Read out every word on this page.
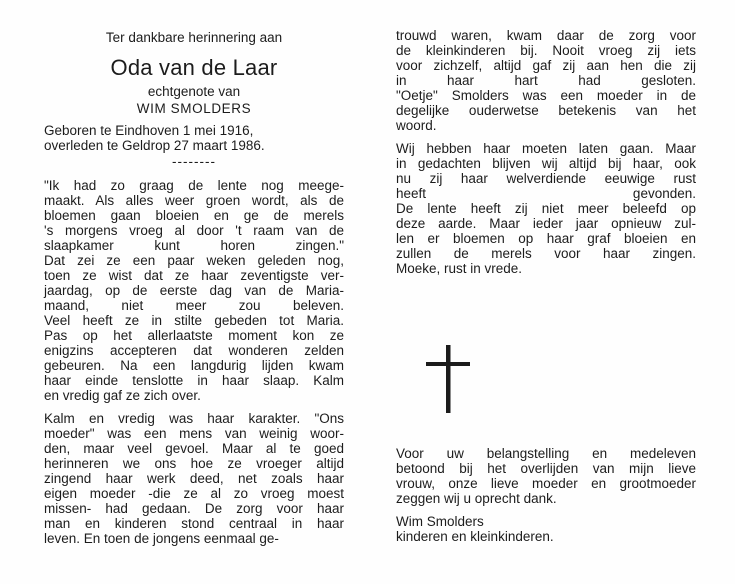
Ter dankbare herinnering aan
Oda van de Laar
echtgenote van
WIM SMOLDERS
Geboren te Eindhoven 1 mei 1916,
overleden te Geldrop 27 maart 1986.
--------
"Ik had zo graag de lente nog meege-
maakt. Als alles weer groen wordt, als de
bloemen gaan bloeien en ge de merels
's morgens vroeg al door 't raam van de
slaapkamer kunt horen zingen."
Dat zei ze een paar weken geleden nog,
toen ze wist dat ze haar zeventigste ver-
jaardag, op de eerste dag van de Maria-
maand, niet meer zou beleven.
Veel heeft ze in stilte gebeden tot Maria.
Pas op het allerlaatste moment kon ze
enigzins accepteren dat wonderen zelden
gebeuren. Na een langdurig lijden kwam
haar einde tenslotte in haar slaap. Kalm
en vredig gaf ze zich over.
Kalm en vredig was haar karakter. "Ons
moeder" was een mens van weinig woor-
den, maar veel gevoel. Maar al te goed
herinneren we ons hoe ze vroeger altijd
zingend haar werk deed, net zoals haar
eigen moeder -die ze al zo vroeg moest
missen- had gedaan. De zorg voor haar
man en kinderen stond centraal in haar
leven. En toen de jongens eenmaal ge-
trouwd waren, kwam daar de zorg voor
de kleinkinderen bij. Nooit vroeg zij iets
voor zichzelf, altijd gaf zij aan hen die zij
in haar hart had gesloten.
"Oetje" Smolders was een moeder in de
degelijke ouderwetse betekenis van het
woord.
Wij hebben haar moeten laten gaan. Maar
in gedachten blijven wij altijd bij haar, ook
nu zij haar welverdiende eeuwige rust
heeft gevonden.
De lente heeft zij niet meer beleefd op
deze aarde. Maar ieder jaar opnieuw zul-
len er bloemen op haar graf bloeien en
zullen de merels voor haar zingen.
Moeke, rust in vrede.
Voor uw belangstelling en medeleven
betoond bij het overlijden van mijn lieve
vrouw, onze lieve moeder en grootmoeder
zeggen wij u oprecht dank.
Wim Smolders
kinderen en kleinkinderen.
